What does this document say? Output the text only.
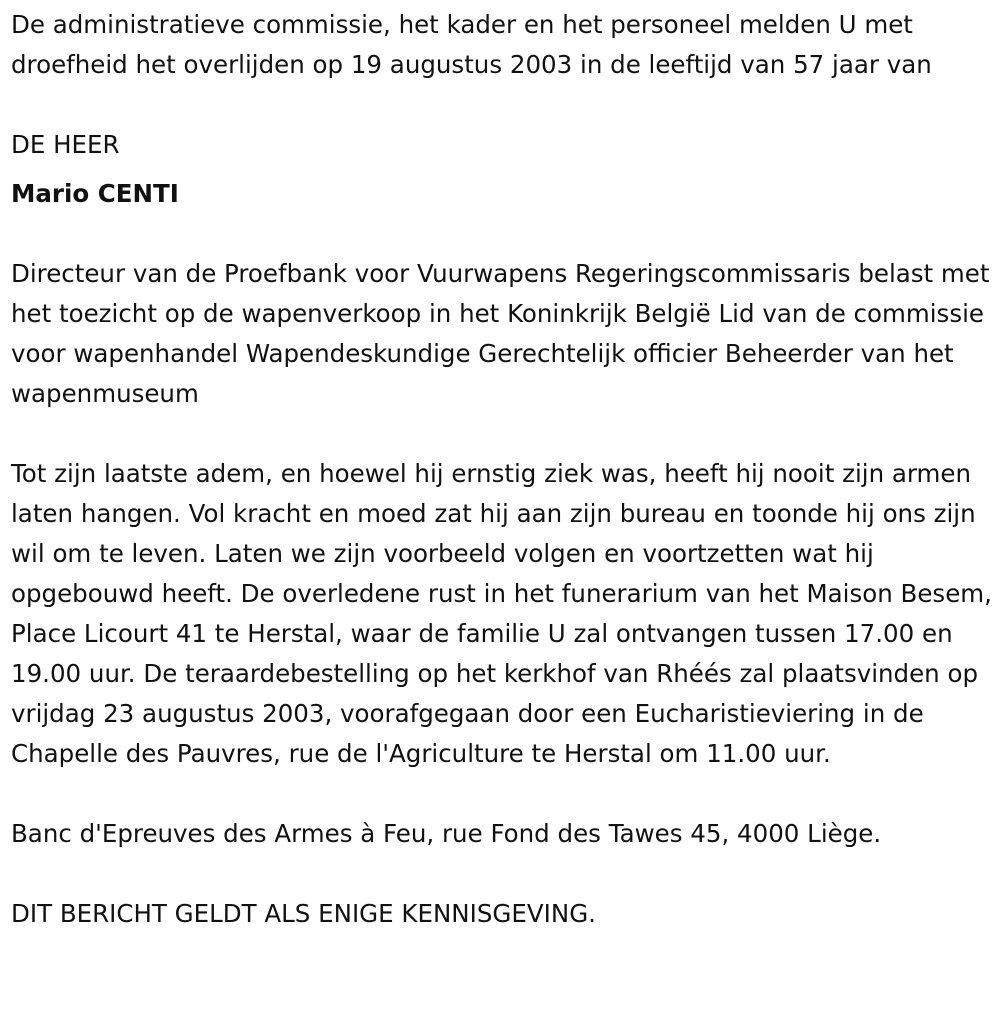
De administratieve commissie, het kader en het personeel melden U met droefheid het overlijden op 19 augustus 2003 in de leeftijd van 57 jaar van

DE HEER

Mario CENTI

Directeur van de Proefbank voor Vuurwapens Regeringscommissaris belast met het toezicht op de wapenverkoop in het Koninkrijk België Lid van de commissie voor wapenhandel Wapendeskundige Gerechtelijk officier Beheerder van het wapenmuseum

Tot zijn laatste adem, en hoewel hij ernstig ziek was, heeft hij nooit zijn armen laten hangen. Vol kracht en moed zat hij aan zijn bureau en toonde hij ons zijn wil om te leven. Laten we zijn voorbeeld volgen en voortzetten wat hij opgebouwd heeft. De overledene rust in het funerarium van het Maison Besem, Place Licourt 41 te Herstal, waar de familie U zal ontvangen tussen 17.00 en 19.00 uur. De teraardebestelling op het kerkhof van Rhéés zal plaatsvinden op vrijdag 23 augustus 2003, voorafgegaan door een Eucharistieviering in de Chapelle des Pauvres, rue de l'Agriculture te Herstal om 11.00 uur.

Banc d'Epreuves des Armes à Feu, rue Fond des Tawes 45, 4000 Liège.

DIT BERICHT GELDT ALS ENIGE KENNISGEVING.
